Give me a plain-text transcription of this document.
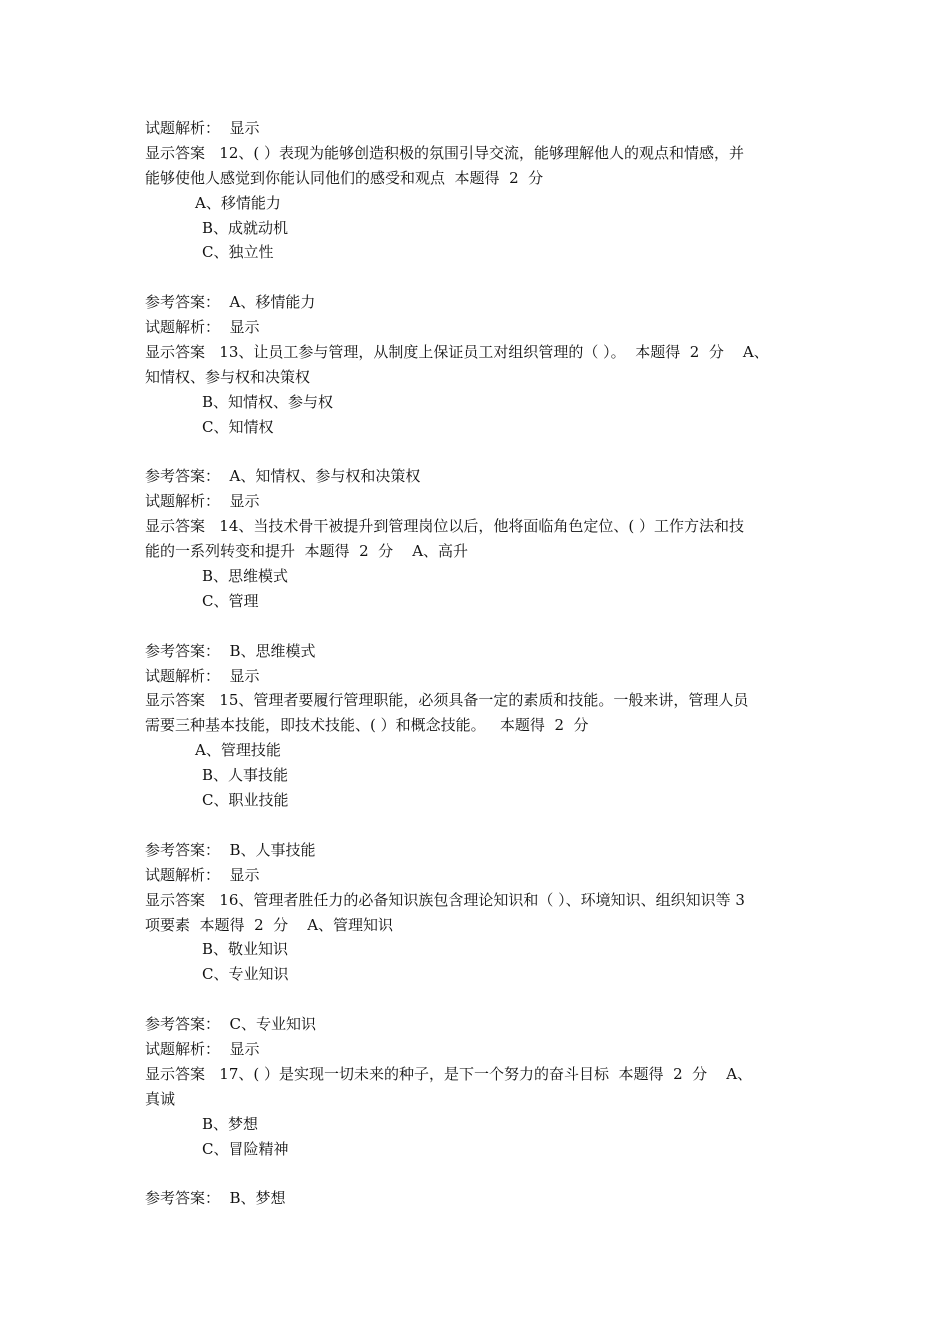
试题解析：  显示
显示答案   12、( ）表现为能够创造积极的氛围引导交流，能够理解他人的观点和情感，并
能够使他人感觉到你能认同他们的感受和观点  本题得  2  分
A、移情能力
B、成就动机
C、独立性
参考答案：  A、移情能力
试题解析：  显示
显示答案   13、让员工参与管理，从制度上保证员工对组织管理的（ ）。  本题得  2  分    A、
知情权、参与权和决策权
B、知情权、参与权
C、知情权
参考答案：  A、知情权、参与权和决策权
试题解析：  显示
显示答案   14、当技术骨干被提升到管理岗位以后，他将面临角色定位、( ）工作方法和技
能的一系列转变和提升  本题得  2  分    A、高升
B、思维模式
C、管理
参考答案：  B、思维模式
试题解析：  显示
显示答案   15、管理者要履行管理职能，必须具备一定的素质和技能。一般来讲，管理人员
需要三种基本技能，即技术技能、( ）和概念技能。   本题得  2  分
A、管理技能
B、人事技能
C、职业技能
参考答案：  B、人事技能
试题解析：  显示
显示答案   16、管理者胜任力的必备知识族包含理论知识和（ ）、环境知识、组织知识等 3
项要素  本题得  2  分    A、管理知识
B、敬业知识
C、专业知识
参考答案：  C、专业知识
试题解析：  显示
显示答案   17、( ）是实现一切未来的种子，是下一个努力的奋斗目标  本题得  2  分    A、
真诚
B、梦想
C、冒险精神
参考答案：  B、梦想
